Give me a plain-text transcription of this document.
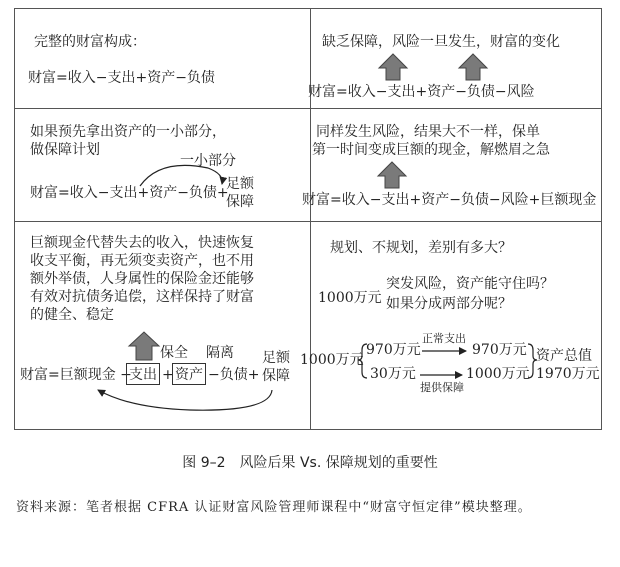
完整的财富构成：
财富=收入−支出+资产−负债
缺乏保障，风险一旦发生，财富的变化
财富=收入−支出+资产−负债−风险
如果预先拿出资产的一小部分，
做保障计划
一小部分
财富=收入−支出+资产−负债+
足额
保障
同样发生风险，结果大不一样，保单
第一时间变成巨额的现金，解燃眉之急
财富=收入−支出+资产−负债−风险+巨额现金
巨额现金代替失去的收入，快速恢复
收支平衡，再无须变卖资产，也不用
额外举债，人身属性的保险金还能够
有效对抗债务追偿，这样保持了财富
的健全、稳定
保全 隔离
财富=巨额现金 −
支出 + 资产 −负债+
足额
保障
规划、不规划，差别有多大？
1000万元
突发风险，资产能守住吗？
如果分成两部分呢？
1000万元
970万元
30万元
正常支出
提供保障
970万元
1000万元
资产总值
1970万元
图 9–2　风险后果 Vs. 保障规划的重要性
资料来源：笔者根据 CFRA 认证财富风险管理师课程中“财富守恒定律”模块整理。
